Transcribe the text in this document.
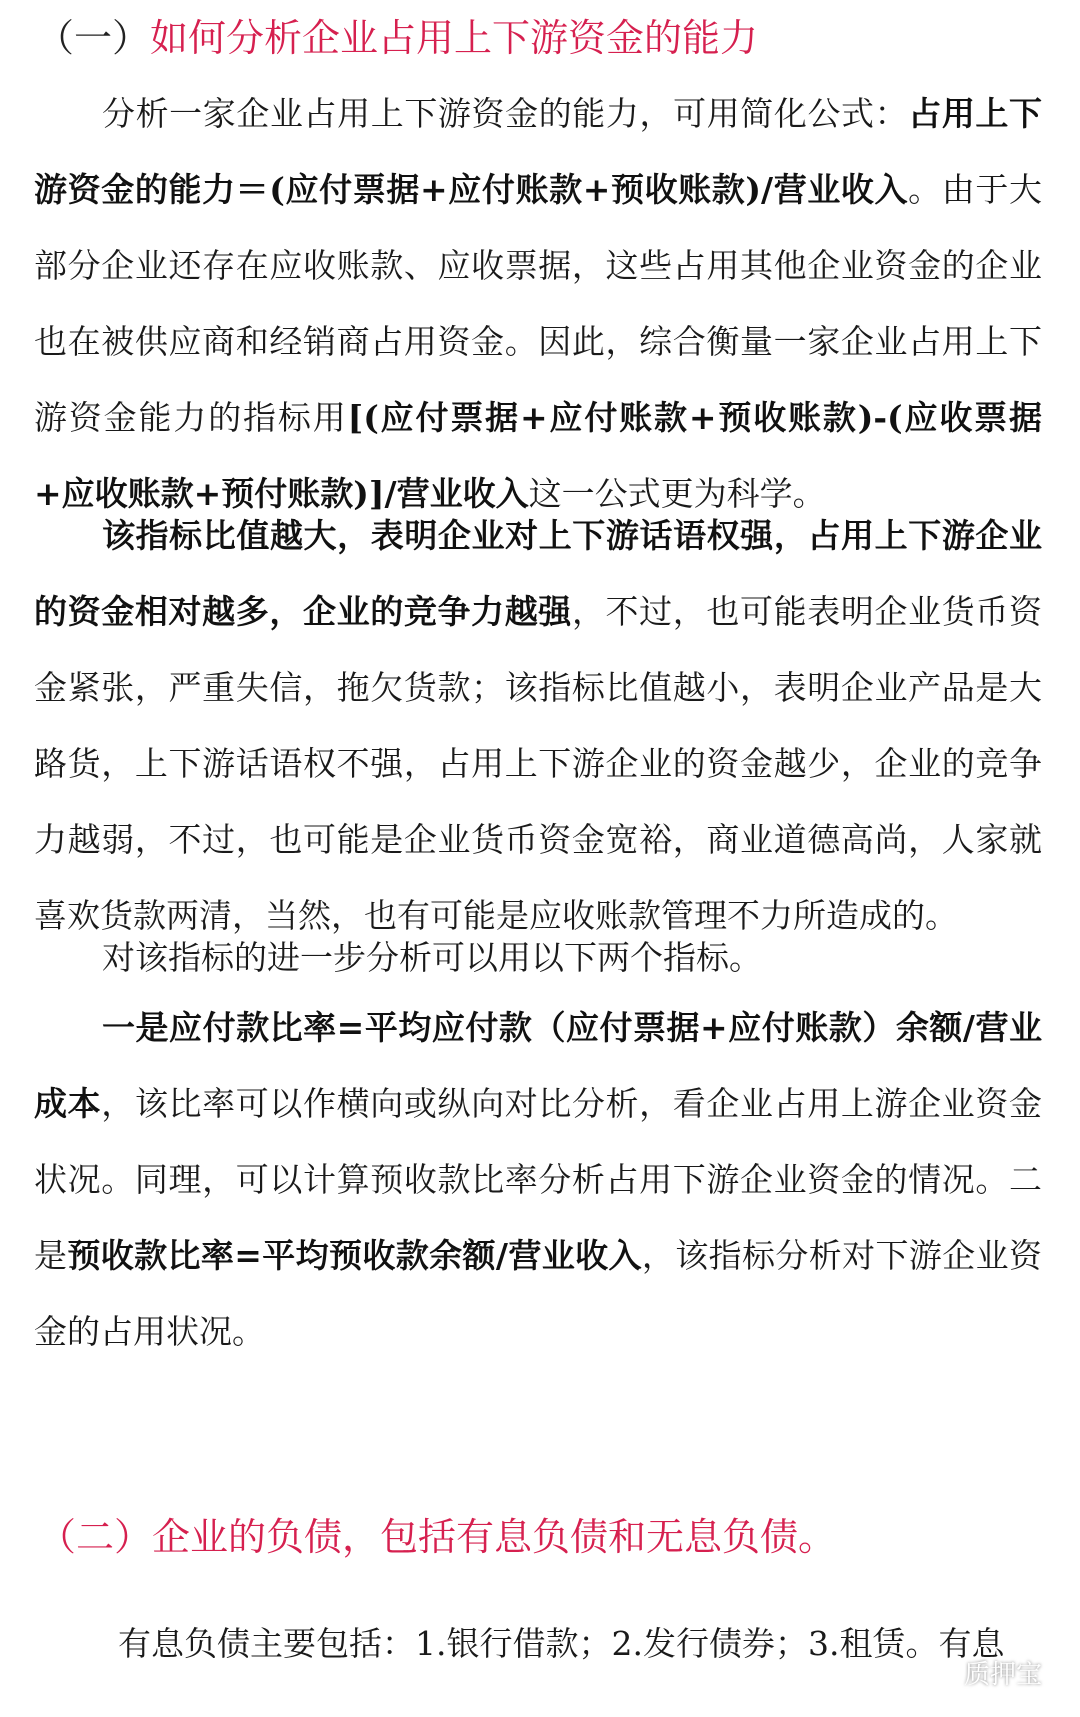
（一）如何分析企业占用上下游资金的能力

分析一家企业占用上下游资金的能力，可用简化公式：占用上下游资金的能力＝(应付票据+应付账款+预收账款)/营业收入。由于大部分企业还存在应收账款、应收票据，这些占用其他企业资金的企业也在被供应商和经销商占用资金。因此，综合衡量一家企业占用上下游资金能力的指标用[(应付票据+应付账款+预收账款)-(应收票据+应收账款+预付账款)]/营业收入这一公式更为科学。

该指标比值越大，表明企业对上下游话语权强，占用上下游企业的资金相对越多，企业的竞争力越强，不过，也可能表明企业货币资金紧张，严重失信，拖欠货款；该指标比值越小，表明企业产品是大路货，上下游话语权不强，占用上下游企业的资金越少，企业的竞争力越弱，不过，也可能是企业货币资金宽裕，商业道德高尚，人家就喜欢货款两清，当然，也有可能是应收账款管理不力所造成的。

对该指标的进一步分析可以用以下两个指标。

一是应付款比率=平均应付款（应付票据+应付账款）余额/营业成本，该比率可以作横向或纵向对比分析，看企业占用上游企业资金状况。同理，可以计算预收款比率分析占用下游企业资金的情况。二是预收款比率=平均预收款余额/营业收入，该指标分析对下游企业资金的占用状况。

（二）企业的负债，包括有息负债和无息负债。

有息负债主要包括：1.银行借款；2.发行债券；3.租赁。有息

质押宝
